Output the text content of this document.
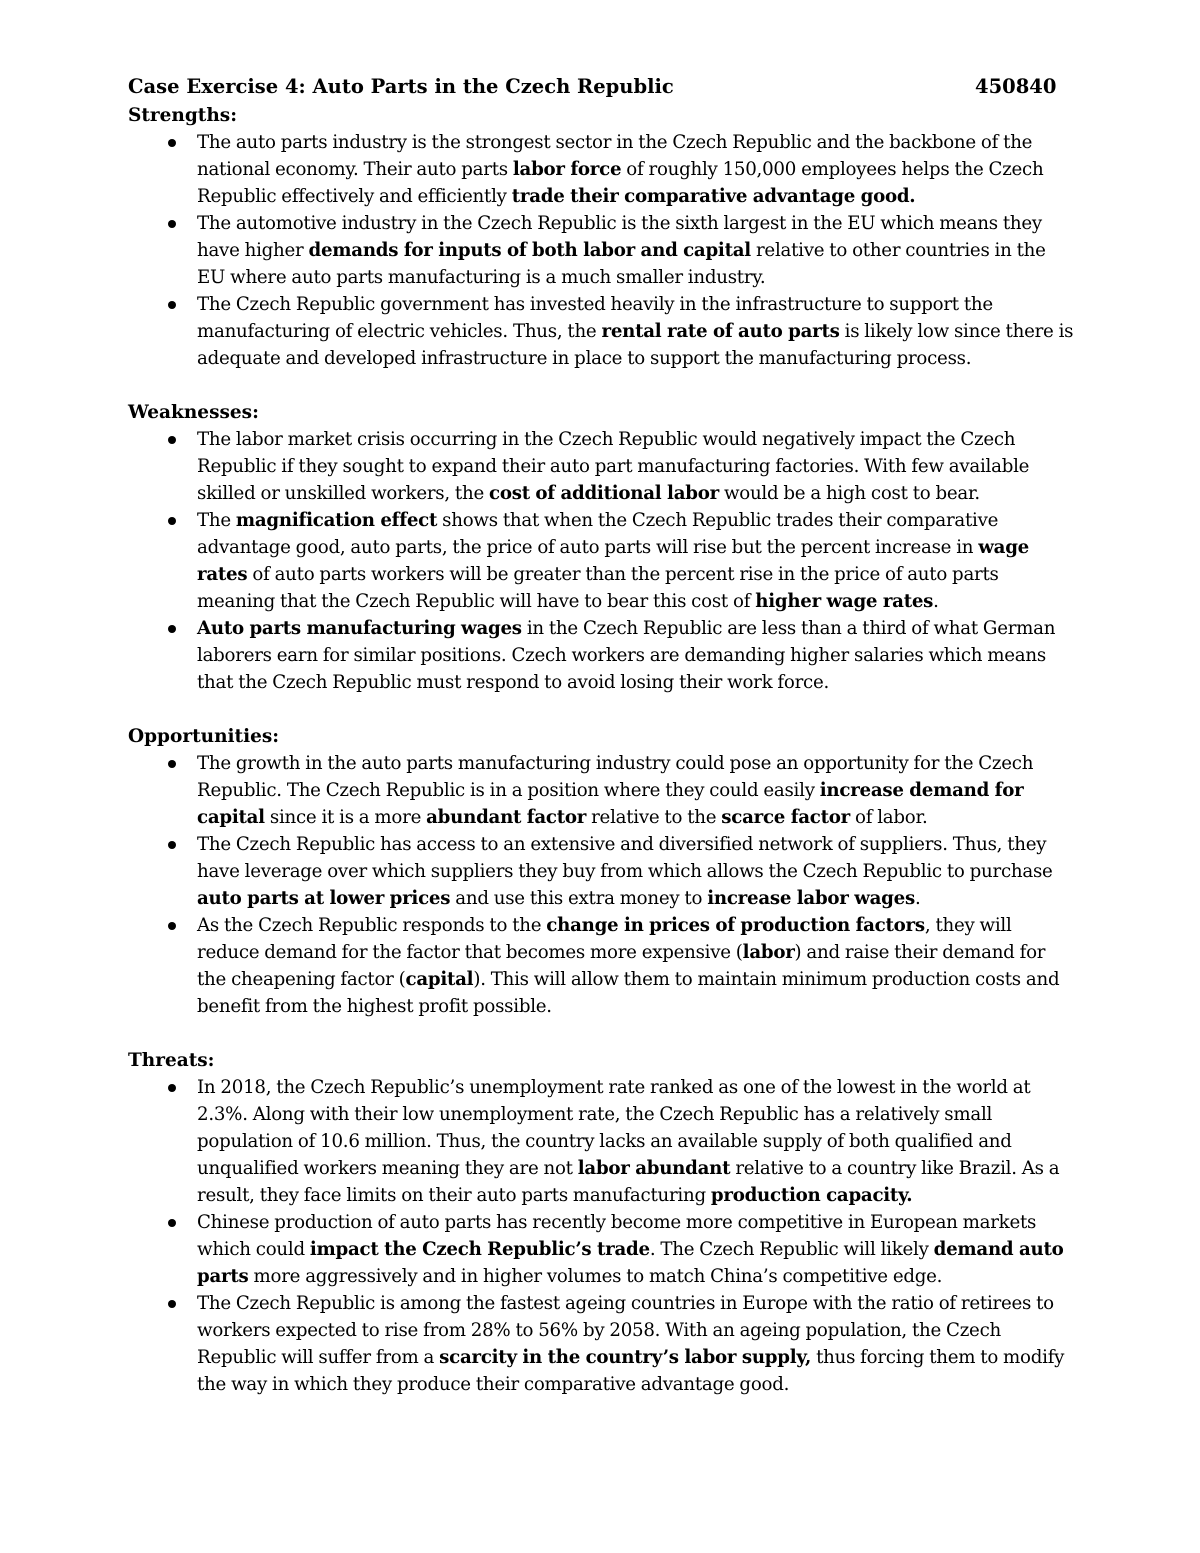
Case Exercise 4: Auto Parts in the Czech Republic	450840
Strengths:
The auto parts industry is the strongest sector in the Czech Republic and the backbone of the national economy. Their auto parts labor force of roughly 150,000 employees helps the Czech Republic effectively and efficiently trade their comparative advantage good.
The automotive industry in the Czech Republic is the sixth largest in the EU which means they have higher demands for inputs of both labor and capital relative to other countries in the EU where auto parts manufacturing is a much smaller industry.
The Czech Republic government has invested heavily in the infrastructure to support the manufacturing of electric vehicles. Thus, the rental rate of auto parts is likely low since there is adequate and developed infrastructure in place to support the manufacturing process.
Weaknesses:
The labor market crisis occurring in the Czech Republic would negatively impact the Czech Republic if they sought to expand their auto part manufacturing factories. With few available skilled or unskilled workers, the cost of additional labor would be a high cost to bear.
The magnification effect shows that when the Czech Republic trades their comparative advantage good, auto parts, the price of auto parts will rise but the percent increase in wage rates of auto parts workers will be greater than the percent rise in the price of auto parts meaning that the Czech Republic will have to bear this cost of higher wage rates.
Auto parts manufacturing wages in the Czech Republic are less than a third of what German laborers earn for similar positions. Czech workers are demanding higher salaries which means that the Czech Republic must respond to avoid losing their work force.
Opportunities:
The growth in the auto parts manufacturing industry could pose an opportunity for the Czech Republic. The Czech Republic is in a position where they could easily increase demand for capital since it is a more abundant factor relative to the scarce factor of labor.
The Czech Republic has access to an extensive and diversified network of suppliers. Thus, they have leverage over which suppliers they buy from which allows the Czech Republic to purchase auto parts at lower prices and use this extra money to increase labor wages.
As the Czech Republic responds to the change in prices of production factors, they will reduce demand for the factor that becomes more expensive (labor) and raise their demand for the cheapening factor (capital). This will allow them to maintain minimum production costs and benefit from the highest profit possible.
Threats:
In 2018, the Czech Republic’s unemployment rate ranked as one of the lowest in the world at 2.3%. Along with their low unemployment rate, the Czech Republic has a relatively small population of 10.6 million. Thus, the country lacks an available supply of both qualified and unqualified workers meaning they are not labor abundant relative to a country like Brazil. As a result, they face limits on their auto parts manufacturing production capacity.
Chinese production of auto parts has recently become more competitive in European markets which could impact the Czech Republic’s trade. The Czech Republic will likely demand auto parts more aggressively and in higher volumes to match China’s competitive edge.
The Czech Republic is among the fastest ageing countries in Europe with the ratio of retirees to workers expected to rise from 28% to 56% by 2058. With an ageing population, the Czech Republic will suffer from a scarcity in the country’s labor supply, thus forcing them to modify the way in which they produce their comparative advantage good.
